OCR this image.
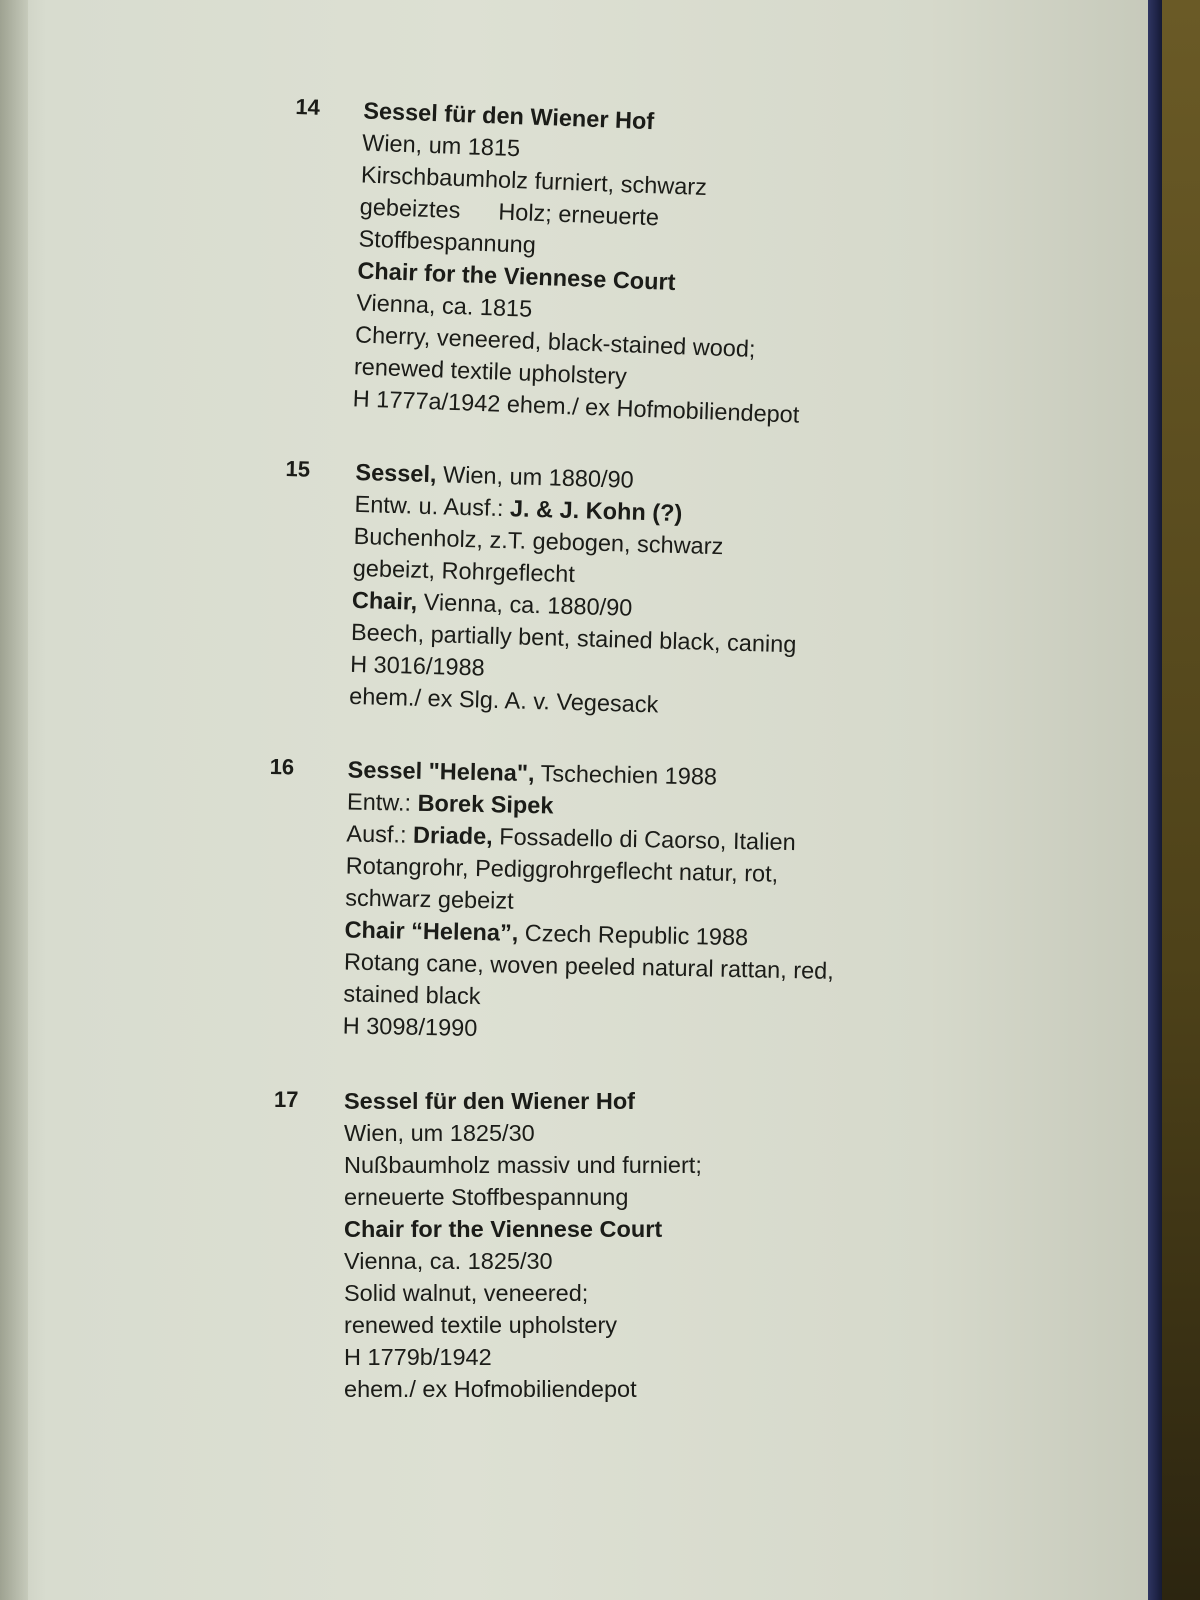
14 Sessel für den Wiener Hof
Wien, um 1815
Kirschbaumholz furniert, schwarz
gebeiztes Holz; erneuerte
Stoffbespannung
Chair for the Viennese Court
Vienna, ca. 1815
Cherry, veneered, black-stained wood;
renewed textile upholstery
H 1777a/1942 ehem./ ex Hofmobiliendepot
15 Sessel, Wien, um 1880/90
Entw. u. Ausf.: J. & J. Kohn (?)
Buchenholz, z.T. gebogen, schwarz
gebeizt, Rohrgeflecht
Chair, Vienna, ca. 1880/90
Beech, partially bent, stained black, caning
H 3016/1988
ehem./ ex Slg. A. v. Vegesack
16 Sessel "Helena", Tschechien 1988
Entw.: Borek Sipek
Ausf.: Driade, Fossadello di Caorso, Italien
Rotangrohr, Pediggrohrgeflecht natur, rot,
schwarz gebeizt
Chair “Helena”, Czech Republic 1988
Rotang cane, woven peeled natural rattan, red,
stained black
H 3098/1990
17 Sessel für den Wiener Hof
Wien, um 1825/30
Nußbaumholz massiv und furniert;
erneuerte Stoffbespannung
Chair for the Viennese Court
Vienna, ca. 1825/30
Solid walnut, veneered;
renewed textile upholstery
H 1779b/1942
ehem./ ex Hofmobiliendepot
